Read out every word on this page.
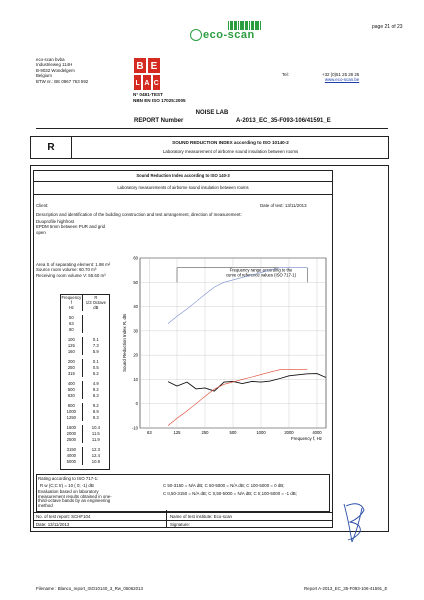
page 21 of 23
eco-scan
eco-scan bvba
Industrieweg 114H
B-9032 Wondelgem
Belgium
BTW nr.: BE 0867 763 592
B E
L A C
N° 0481-TEST
NBN EN ISO 17025:2005
Tel:	+32 (0)51 25 28 25
www.eco-scan.be
NOISE LAB
REPORT Number	A-2013_EC_35-F093-106/41591_E
R	SOUND REDUCTION INDEX according to ISO 10140-2
Laboratory measurement of airborne sound insulation between rooms
Sound Reduction Index according to ISO 140-3
Laboratory measurements of airborne sound insulation between rooms
Client:	Date of test: 13/11/2013
Description and identification of the building construction and test arrangement, direction of measurement:
Duoprofile highfrost
EPDM 5mm between PUR and grid
open
Area S of separating element: 1.98 m²
Source room volume: 60.70 m³
Receiving room volume V: 55.60 m³
Frequency
f
Hz
R
1/3 Octave
dB
50
63
80
100	0.1
125	7.3
160	5.9
200	0.1
250	0.5
315	5.2
400	4.9
500	9.2
630	8.3
800	9.2
1000	8.9
1250	9.3
1600	10.4
2000	11.5
2500	11.9
3150	12.3
4000	12.4
5000	10.8
-10
0
10
20
30
40
50
60
63	125	250	500	1000	2000	4000
Sound Reduction Index R, dB
Frequency f, Hz
Frequency range according to the
curve of reference values (ISO 717-1)
Rating according to ISO 717-1:
R w (C;C tr) = 10 ( 0; -1) dB	C 50-3150 = N/A dB; C 50-5000 = N/A dB; C 100-5000 = 0 dB;
C tr,50-3150 = N/A dB; C tr,50-5000 = N/A dB; C tr,100-5000 = -1 dB;
Evaluation based on laboratory
measurement results obtained in one-
third-octave bands by an engineering
method
No. of test report: SCHF104	Name of test institute: Eco-scan
Date: 13/11/2013	Signature:
Filename : Blanco_report_ISO10140_3_Rw_05062013	Report A-2013_EC_35-F093-106-41591_E
